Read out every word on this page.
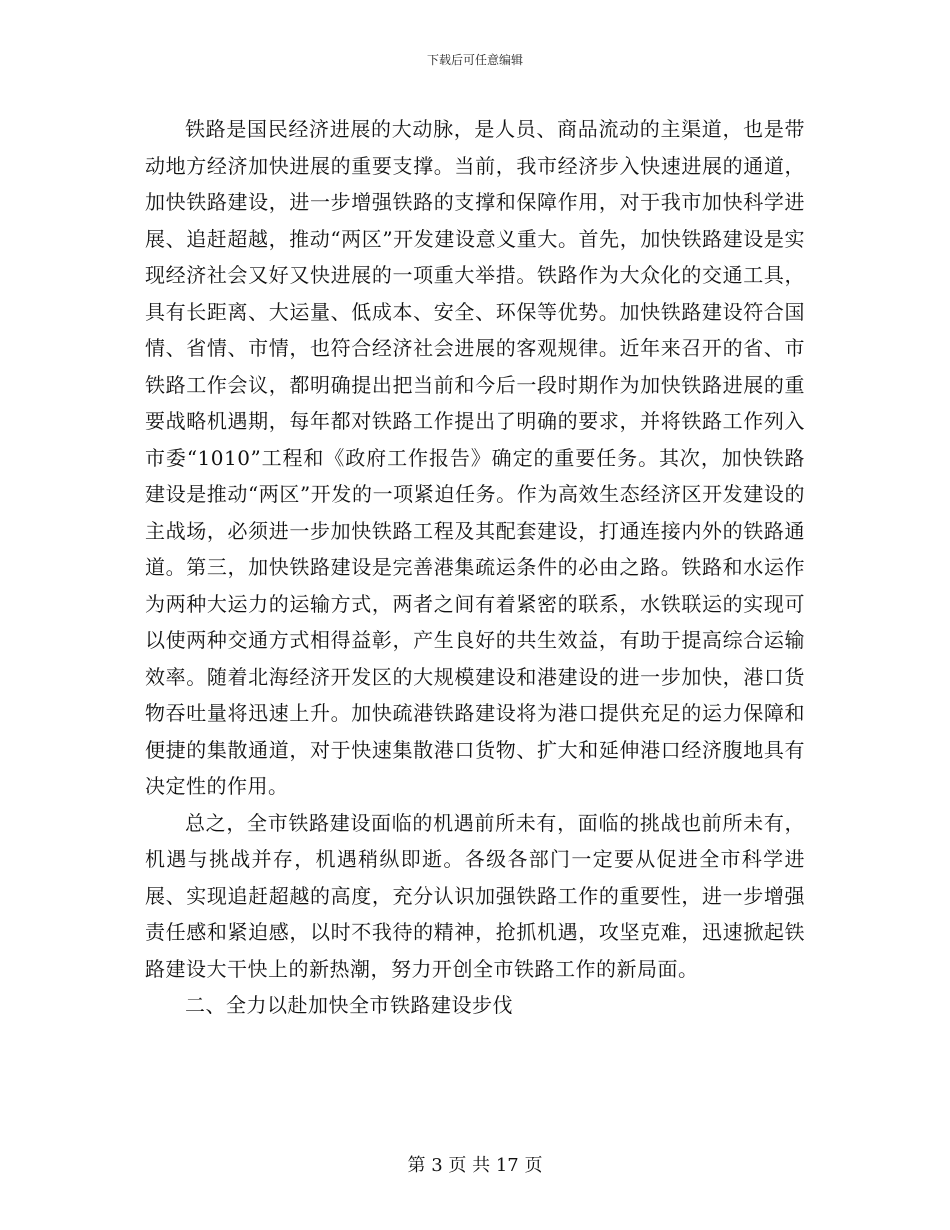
下载后可任意编辑

铁路是国民经济进展的大动脉，是人员、商品流动的主渠道，也是带动地方经济加快进展的重要支撑。当前，我市经济步入快速进展的通道，加快铁路建设，进一步增强铁路的支撑和保障作用，对于我市加快科学进展、追赶超越，推动“两区”开发建设意义重大。首先，加快铁路建设是实现经济社会又好又快进展的一项重大举措。铁路作为大众化的交通工具，具有长距离、大运量、低成本、安全、环保等优势。加快铁路建设符合国情、省情、市情，也符合经济社会进展的客观规律。近年来召开的省、市铁路工作会议，都明确提出把当前和今后一段时期作为加快铁路进展的重要战略机遇期，每年都对铁路工作提出了明确的要求，并将铁路工作列入市委“1010”工程和《政府工作报告》确定的重要任务。其次，加快铁路建设是推动“两区”开发的一项紧迫任务。作为高效生态经济区开发建设的主战场，必须进一步加快铁路工程及其配套建设，打通连接内外的铁路通道。第三，加快铁路建设是完善港集疏运条件的必由之路。铁路和水运作为两种大运力的运输方式，两者之间有着紧密的联系，水铁联运的实现可以使两种交通方式相得益彰，产生良好的共生效益，有助于提高综合运输效率。随着北海经济开发区的大规模建设和港建设的进一步加快，港口货物吞吐量将迅速上升。加快疏港铁路建设将为港口提供充足的运力保障和便捷的集散通道，对于快速集散港口货物、扩大和延伸港口经济腹地具有决定性的作用。

总之，全市铁路建设面临的机遇前所未有，面临的挑战也前所未有，机遇与挑战并存，机遇稍纵即逝。各级各部门一定要从促进全市科学进展、实现追赶超越的高度，充分认识加强铁路工作的重要性，进一步增强责任感和紧迫感，以时不我待的精神，抢抓机遇，攻坚克难，迅速掀起铁路建设大干快上的新热潮，努力开创全市铁路工作的新局面。

二、全力以赴加快全市铁路建设步伐

第 3 页 共 17 页
